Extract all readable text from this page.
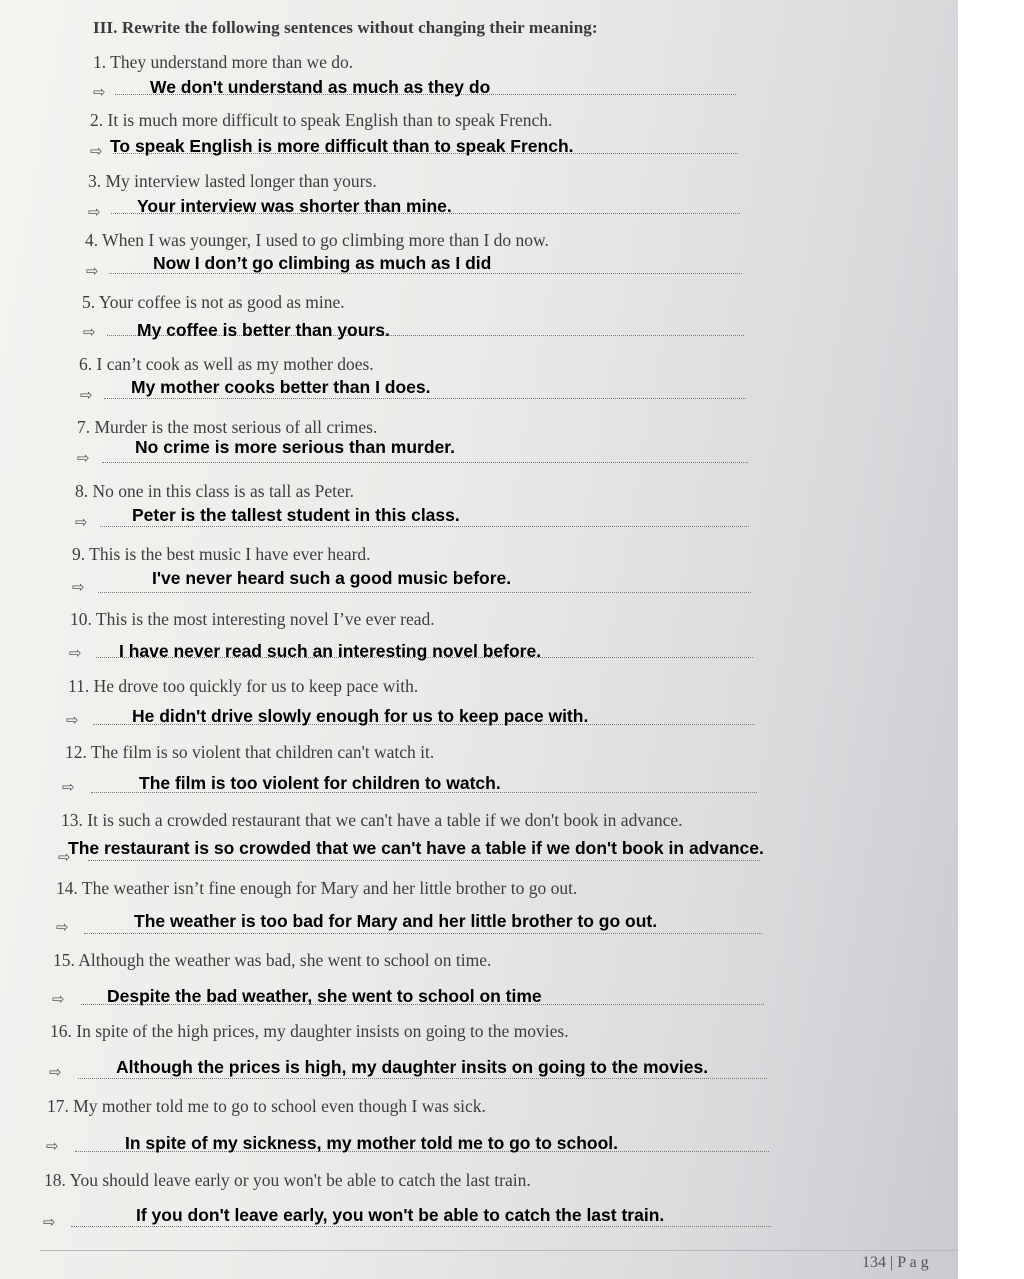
III. Rewrite the following sentences without changing their meaning:
1. They understand more than we do.
⇨	We don't understand as much as they do
2. It is much more difficult to speak English than to speak French.
⇨ To speak English is more difficult than to speak French.
3. My interview lasted longer than yours.
⇨ Your interview was shorter than mine.
4. When I was younger, I used to go climbing more than I do now.
⇨	Now I don’t go climbing as much as I did
5. Your coffee is not as good as mine.
⇨ My coffee is better than yours.
6. I can’t cook as well as my mother does.
⇨ My mother cooks better than I does.
7. Murder is the most serious of all crimes.
⇨
No crime is more serious than murder.
8. No one in this class is as tall as Peter.
⇨	Peter is the tallest student in this class.
9. This is the best music I have ever heard.
⇨	I've never heard such a good music before.
10. This is the most interesting novel I’ve ever read.
⇨ I have never read such an interesting novel before.
11. He drove too quickly for us to keep pace with.
⇨	He didn't drive slowly enough for us to keep pace with.
12. The film is so violent that children can't watch it.
⇨	The film is too violent for children to watch.
13. It is such a crowded restaurant that we can't have a table if we don't book in advance.
⇨
The restaurant is so crowded that we can't have a table if we don't book in advance.
14. The weather isn’t fine enough for Mary and her little brother to go out.
⇨	The weather is too bad for Mary and her little brother to go out.
15. Although the weather was bad, she went to school on time.
⇨ Despite the bad weather, she went to school on time
16. In spite of the high prices, my daughter insists on going to the movies.
⇨	Although the prices is high, my daughter insits on going to the movies.
17. My mother told me to go to school even though I was sick.
⇨	In spite of my sickness, my mother told me to go to school.
18. You should leave early or you won't be able to catch the last train.
⇨	If you don't leave early, you won't be able to catch the last train.
134 | P a g
